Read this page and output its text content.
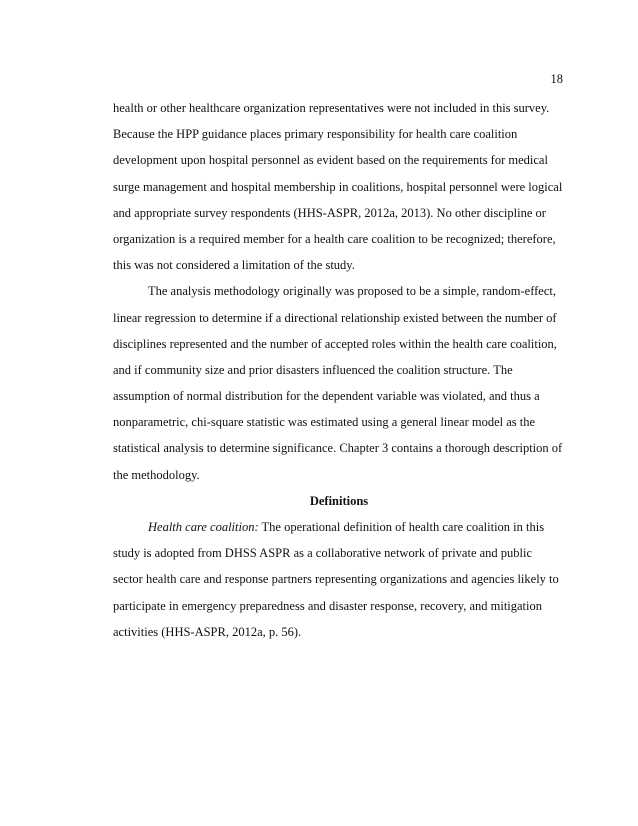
18
health or other healthcare organization representatives were not included in this survey.
Because the HPP guidance places primary responsibility for health care coalition
development upon hospital personnel as evident based on the requirements for medical
surge management and hospital membership in coalitions, hospital personnel were logical
and appropriate survey respondents (HHS-ASPR, 2012a, 2013). No other discipline or
organization is a required member for a health care coalition to be recognized; therefore,
this was not considered a limitation of the study.
The analysis methodology originally was proposed to be a simple, random-effect,
linear regression to determine if a directional relationship existed between the number of
disciplines represented and the number of accepted roles within the health care coalition,
and if community size and prior disasters influenced the coalition structure. The
assumption of normal distribution for the dependent variable was violated, and thus a
nonparametric, chi-square statistic was estimated using a general linear model as the
statistical analysis to determine significance. Chapter 3 contains a thorough description of
the methodology.
Definitions
Health care coalition: The operational definition of health care coalition in this
study is adopted from DHSS ASPR as a collaborative network of private and public
sector health care and response partners representing organizations and agencies likely to
participate in emergency preparedness and disaster response, recovery, and mitigation
activities (HHS-ASPR, 2012a, p. 56).
